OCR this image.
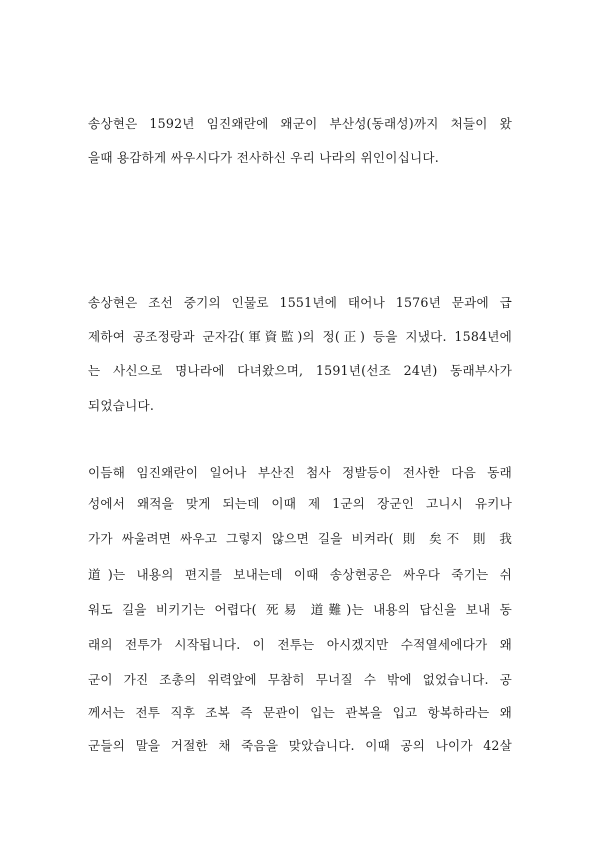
송상현은 1592년 임진왜란에 왜군이 부산성(동래성)까지 처들이 왔
을때 용감하게 싸우시다가 전사하신 우리 나라의 위인이십니다.
송상현은 조선 중기의 인물로 1551년에 태어나 1576년 문과에 급
제하여 공조정랑과 군자감(軍資監)의 정(正) 등을 지냈다. 1584년에
는 사신으로 명나라에 다녀왔으며, 1591년(선조 24년) 동래부사가
되었습니다.
이듬해 임진왜란이 일어나 부산진 첨사 정발등이 전사한 다음 동래
성에서 왜적을 맞게 되는데 이때 제 1군의 장군인 고니시 유키나
가가 싸울려면 싸우고 그렇지 않으면 길을 비켜라( 則 矣不 則 我
道)는 내용의 편지를 보내는데 이때 송상현공은 싸우다 죽기는 쉬
워도 길을 비키기는 어렵다( 死易 道難)는 내용의 답신을 보내 동
래의 전투가 시작됩니다. 이 전투는 아시겠지만 수적열세에다가 왜
군이 가진 조총의 위력앞에 무참히 무너질 수 밖에 없었습니다. 공
께서는 전투 직후 조복 즉 문관이 입는 관복을 입고 항복하라는 왜
군들의 말을 거절한 채 죽음을 맞았습니다. 이때 공의 나이가 42살
